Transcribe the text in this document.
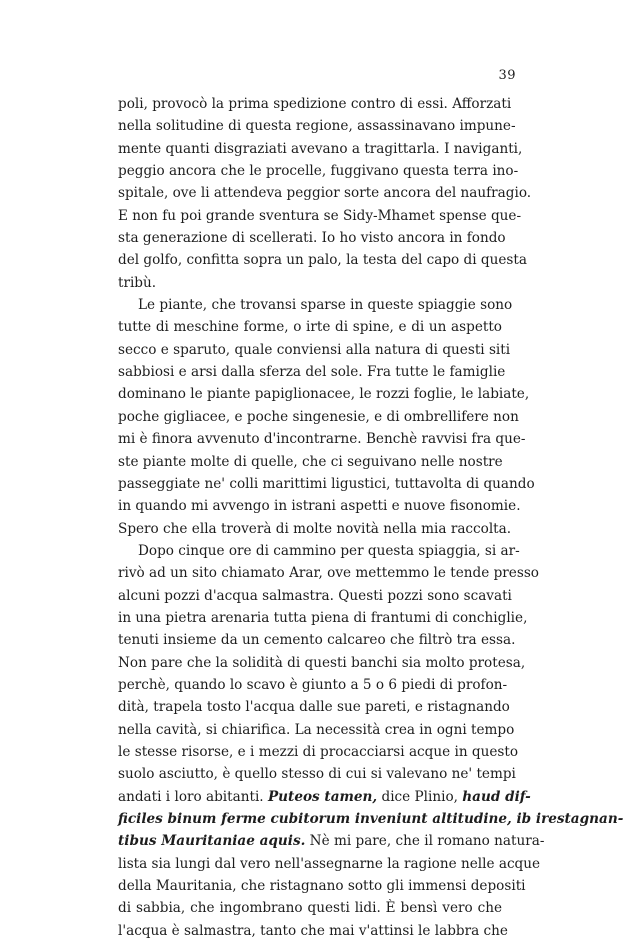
39
poli, provocò la prima spedizione contro di essi. Afforzati
nella solitudine di questa regione, assassinavano impune-
mente quanti disgraziati avevano a tragittarla. I naviganti,
peggio ancora che le procelle, fuggivano questa terra ino-
spitale, ove li attendeva peggior sorte ancora del naufragio.
E non fu poi grande sventura se Sidy-Mhamet spense que-
sta generazione di scellerati. Io ho visto ancora in fondo
del golfo, confitta sopra un palo, la testa del capo di questa
tribù.
Le piante, che trovansi sparse in queste spiaggie sono
tutte di meschine forme, o irte di spine, e di un aspetto
secco e sparuto, quale conviensi alla natura di questi siti
sabbiosi e arsi dalla sferza del sole. Fra tutte le famiglie
dominano le piante papiglionacee, le rozzi foglie, le labiate,
poche gigliacee, e poche singenesie, e di ombrellifere non
mi è finora avvenuto d'incontrarne. Benchè ravvisi fra que-
ste piante molte di quelle, che ci seguivano nelle nostre
passeggiate ne' colli marittimi ligustici, tuttavolta di quando
in quando mi avvengo in istrani aspetti e nuove fisonomie.
Spero che ella troverà di molte novità nella mia raccolta.
Dopo cinque ore di cammino per questa spiaggia, si ar-
rivò ad un sito chiamato Arar, ove mettemmo le tende presso
alcuni pozzi d'acqua salmastra. Questi pozzi sono scavati
in una pietra arenaria tutta piena di frantumi di conchiglie,
tenuti insieme da un cemento calcareo che filtrò tra essa.
Non pare che la solidità di questi banchi sia molto protesa,
perchè, quando lo scavo è giunto a 5 o 6 piedi di profon-
dità, trapela tosto l'acqua dalle sue pareti, e ristagnando
nella cavità, si chiarifica. La necessità crea in ogni tempo
le stesse risorse, e i mezzi di procacciarsi acque in questo
suolo asciutto, è quello stesso di cui si valevano ne' tempi
andati i loro abitanti. Puteos tamen, dice Plinio, haud dif-
ficiles binum ferme cubitorum inveniunt altitudine, ib irestagnan-
tibus Mauritaniae aquis. Nè mi pare, che il romano natura-
lista sia lungi dal vero nell'assegnarne la ragione nelle acque
della Mauritania, che ristagnano sotto gli immensi depositi
di sabbia, che ingombrano questi lidi. È bensì vero che
l'acqua è salmastra, tanto che mai v'attinsi le labbra che
